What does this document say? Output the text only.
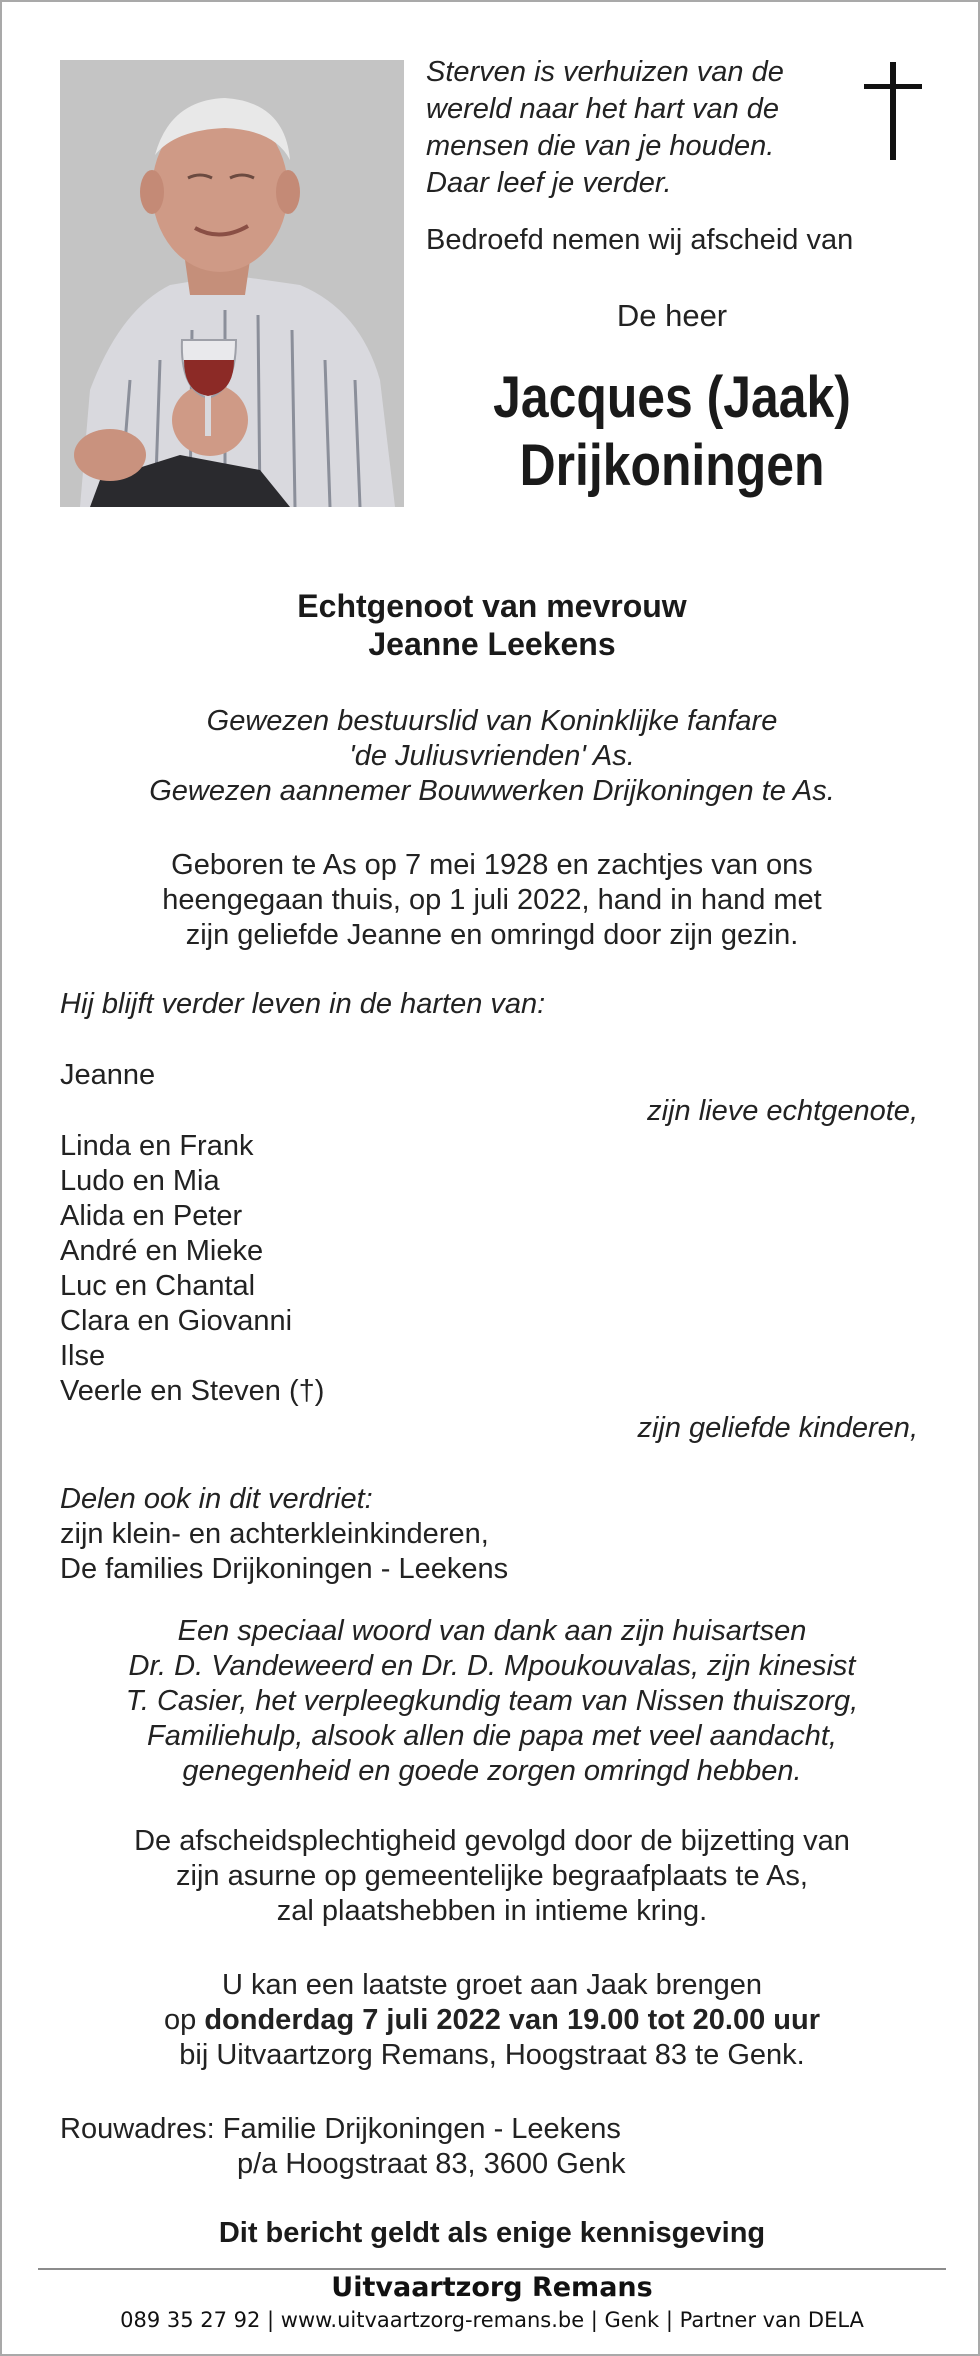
Sterven is verhuizen van de
wereld naar het hart van de
mensen die van je houden.
Daar leef je verder.
Bedroefd nemen wij afscheid van
De heer
Jacques (Jaak)
Drijkoningen
Echtgenoot van mevrouw
Jeanne Leekens
Gewezen bestuurslid van Koninklijke fanfare
'de Juliusvrienden' As.
Gewezen aannemer Bouwwerken Drijkoningen te As.
Geboren te As op 7 mei 1928 en zachtjes van ons
heengegaan thuis, op 1 juli 2022, hand in hand met
zijn geliefde Jeanne en omringd door zijn gezin.
Hij blijft verder leven in de harten van:
Jeanne
zijn lieve echtgenote,
Linda en Frank
Ludo en Mia
Alida en Peter
André en Mieke
Luc en Chantal
Clara en Giovanni
Ilse
Veerle en Steven (†)
zijn geliefde kinderen,
Delen ook in dit verdriet:
zijn klein- en achterkleinkinderen,
De families Drijkoningen - Leekens
Een speciaal woord van dank aan zijn huisartsen
Dr. D. Vandeweerd en Dr. D. Mpoukouvalas, zijn kinesist
T. Casier, het verpleegkundig team van Nissen thuiszorg,
Familiehulp, alsook allen die papa met veel aandacht,
genegenheid en goede zorgen omringd hebben.
De afscheidsplechtigheid gevolgd door de bijzetting van
zijn asurne op gemeentelijke begraafplaats te As,
zal plaatshebben in intieme kring.
U kan een laatste groet aan Jaak brengen
op donderdag 7 juli 2022 van 19.00 tot 20.00 uur
bij Uitvaartzorg Remans, Hoogstraat 83 te Genk.
Rouwadres: Familie Drijkoningen - Leekens
p/a Hoogstraat 83, 3600 Genk
Dit bericht geldt als enige kennisgeving
Uitvaartzorg Remans
089 35 27 92 | www.uitvaartzorg-remans.be | Genk | Partner van DELA
